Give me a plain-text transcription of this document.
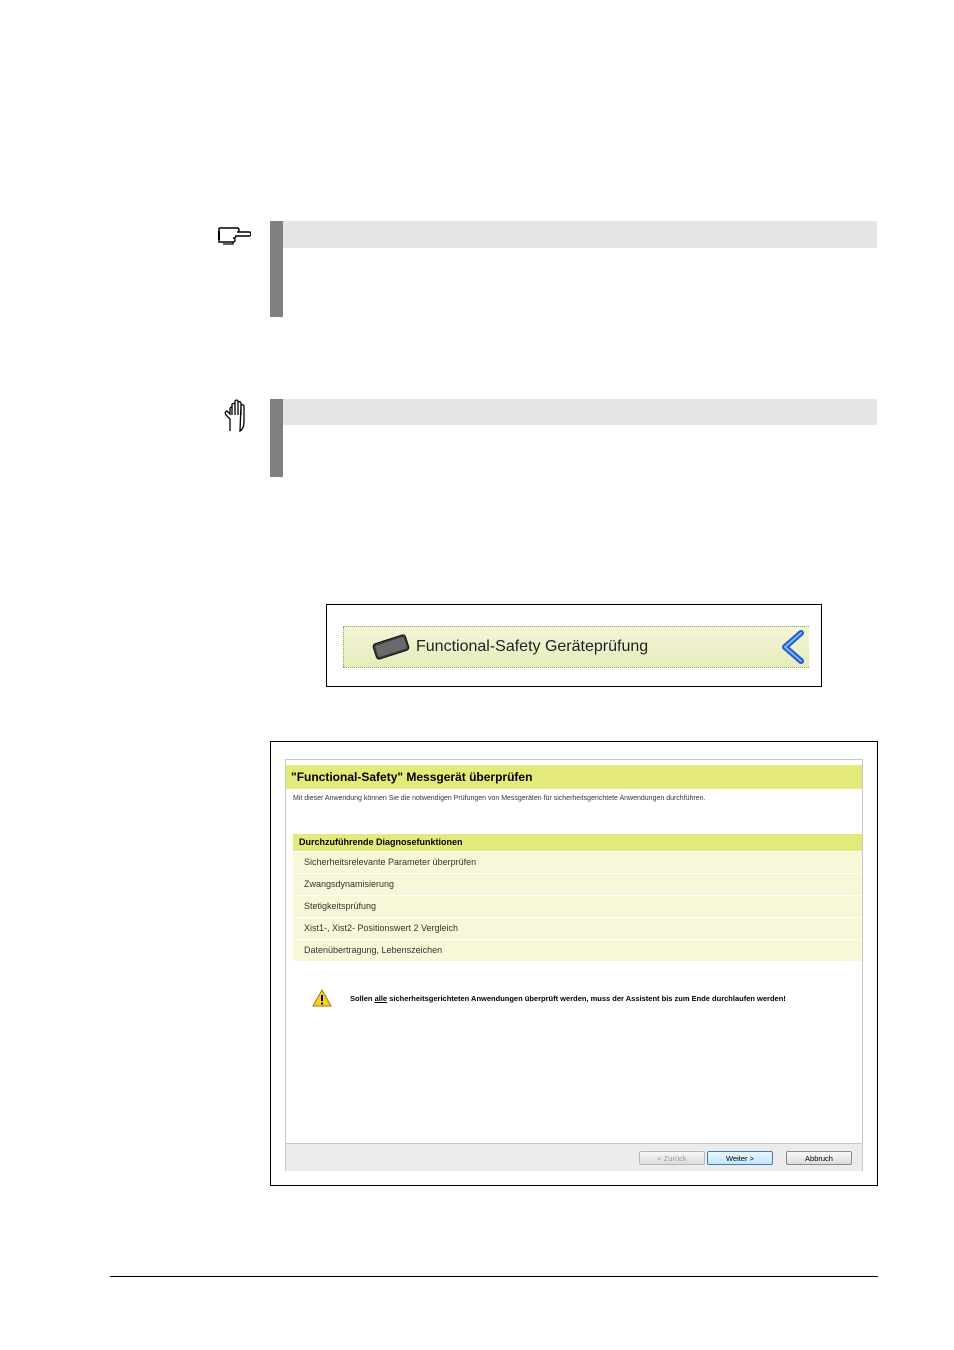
Functional-Safety Geräteprüfung
"Functional-Safety" Messgerät überprüfen
Mit dieser Anwendung können Sie die notwendigen Prüfungen von Messgeräten für sicherheitsgerichtete Anwendungen durchführen.
Durchzuführende Diagnosefunktionen
Sicherheitsrelevante Parameter überprüfen
Zwangsdynamisierung
Stetigkeitsprüfung
Xist1-, Xist2- Positionswert 2 Vergleich
Datenübertragung, Lebenszeichen
Sollen alle sicherheitsgerichteten Anwendungen überprüft werden, muss der Assistent bis zum Ende durchlaufen werden!
< Zurück	Weiter >	Abbruch
